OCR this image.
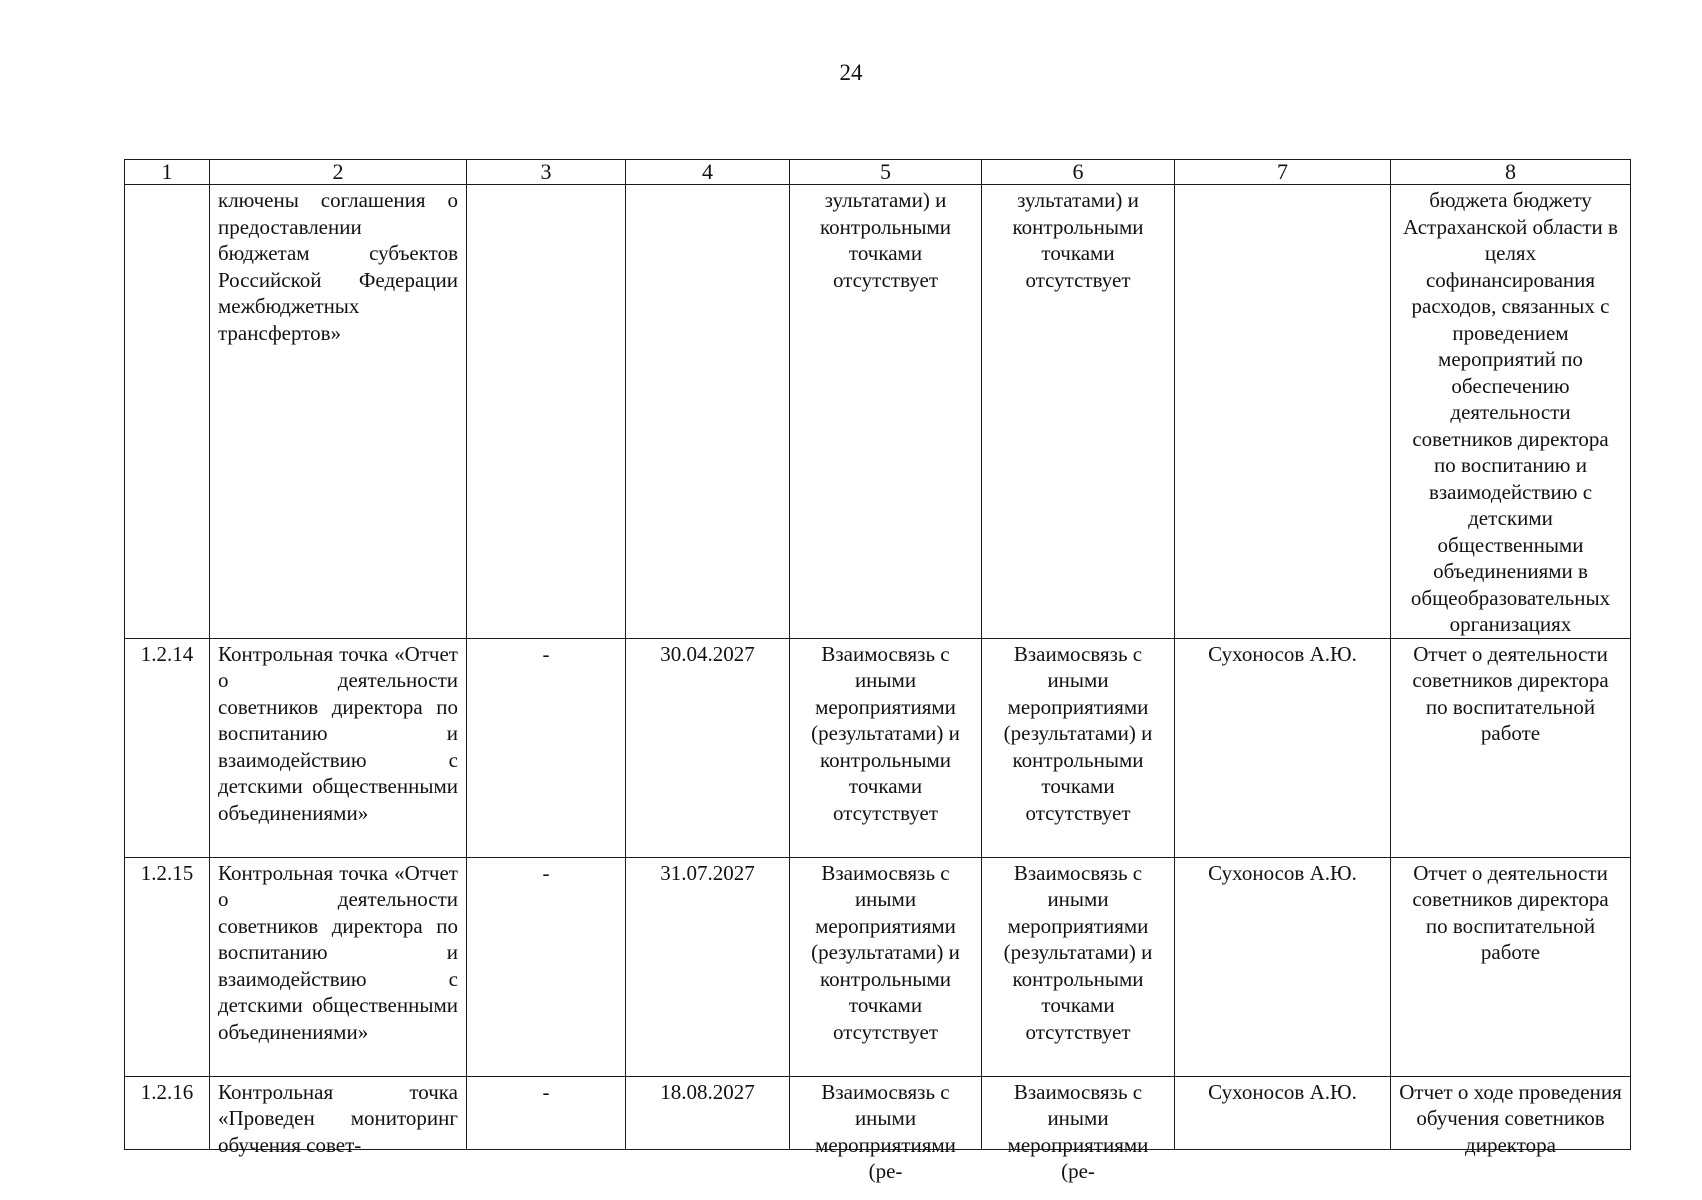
24
1	2	3	4	5	6	7	8
	ключены соглашения о предоставлении бюджетам субъектов Российской Федерации межбюджетных трансфертов»			зультатами) и контрольными точками отсутствует	зультатами) и контрольными точками отсутствует		бюджета бюджету Астраханской области в целях софинансирования расходов, связанных с проведением мероприятий по обеспечению деятельности советников директора по воспитанию и взаимодействию с детскими общественными объединениями в общеобразовательных организациях
1.2.14	Контрольная точка «Отчет о деятельности советников директора по воспитанию и взаимодействию с детскими общественными объединениями»	-	30.04.2027	Взаимосвязь с иными мероприятиями (результатами) и контрольными точками отсутствует	Взаимосвязь с иными мероприятиями (результатами) и контрольными точками отсутствует	Сухоносов А.Ю.	Отчет о деятельности советников директора по воспитательной работе
1.2.15	Контрольная точка «Отчет о деятельности советников директора по воспитанию и взаимодействию с детскими общественными объединениями»	-	31.07.2027	Взаимосвязь с иными мероприятиями (результатами) и контрольными точками отсутствует	Взаимосвязь с иными мероприятиями (результатами) и контрольными точками отсутствует	Сухоносов А.Ю.	Отчет о деятельности советников директора по воспитательной работе

1.2.16	Контрольная точка «Проведен мониторинг обучения совет-	-	18.08.2027	Взаимосвязь с иными мероприятиями (ре-	Взаимосвязь с иными мероприятиями (ре-	Сухоносов А.Ю.	Отчет о ходе проведения обучения советников директора
